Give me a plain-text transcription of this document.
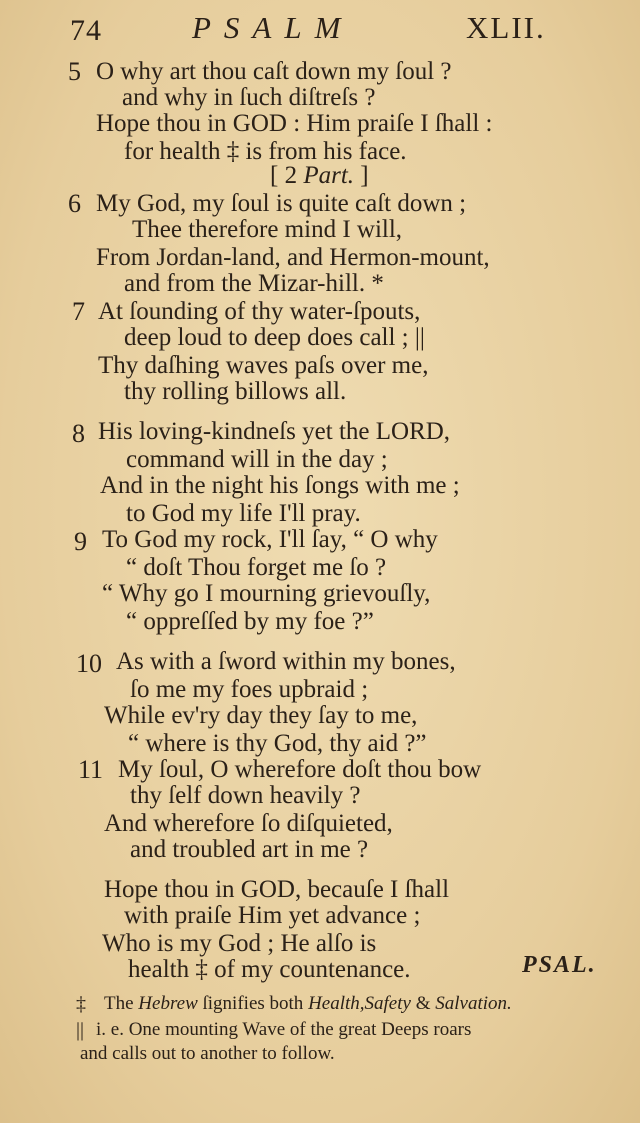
74	PSALM	XLII.
5 O why art thou caſt down my ſoul ?
and why in ſuch diſtreſs ?
Hope thou in GOD : Him praiſe I ſhall :
for health ‡ is from his face.
[ 2 Part. ]
6 My God, my ſoul is quite caſt down ;
Thee therefore mind I will,
From Jordan-land, and Hermon-mount,
and from the Mizar-hill. *
7 At ſounding of thy water-ſpouts,
deep loud to deep does call ; ||
Thy daſhing waves paſs over me,
thy rolling billows all.
8 His loving-kindneſs yet the LORD,
command will in the day ;
And in the night his ſongs with me ;
to God my life I'll pray.
9 To God my rock, I'll ſay, “ O why
“ doſt Thou forget me ſo ?
“ Why go I mourning grievouſly,
“ oppreſſed by my foe ?”
10 As with a ſword within my bones,
ſo me my foes upbraid ;
While ev'ry day they ſay to me,
“ where is thy God, thy aid ?”
11 My ſoul, O wherefore doſt thou bow
thy ſelf down heavily ?
And wherefore ſo diſquieted,
and troubled art in me ?
Hope thou in GOD, becauſe I ſhall
with praiſe Him yet advance ;
Who is my God ; He alſo is
health ‡ of my countenance.	PSAL.
‡ The Hebrew ſignifies both Health,Safety & Salvation.
|| i. e. One mounting Wave of the great Deeps roars
and calls out to another to follow.
